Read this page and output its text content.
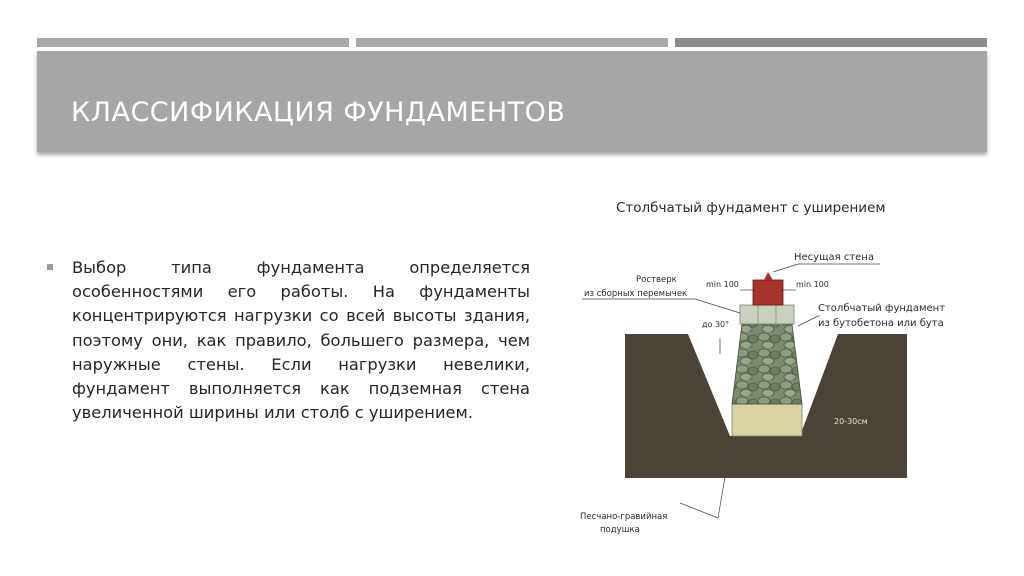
КЛАССИФИКАЦИЯ ФУНДАМЕНТОВ
Выбор типа фундамента определяется особенностями его работы. На фундаменты концентрируются нагрузки со всей высоты здания, поэтому они, как правило, большего размера, чем наружные стены. Если нагрузки невелики, фундамент выполняется как подземная стена увеличенной ширины или столб с уширением.
Столбчатый фундамент с уширением
Несущая стена
Ростверк
из сборных перемычек
min 100	min 100
Столбчатый фундамент
из бутобетона или бута
до 30°
20-30см
Песчано-гравийная
подушка
